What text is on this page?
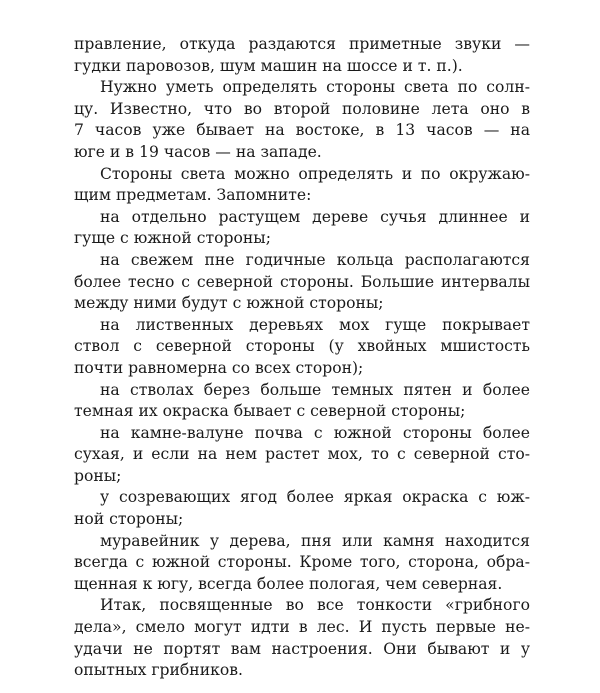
правление, откуда раздаются приметные звуки —
гудки паровозов, шум машин на шоссе и т. п.).
Нужно уметь определять стороны света по солн-
цу. Известно, что во второй половине лета оно в
7 часов уже бывает на востоке, в 13 часов — на
юге и в 19 часов — на западе.
Стороны света можно определять и по окружаю-
щим предметам. Запомните:
на отдельно растущем дереве сучья длиннее и
гуще с южной стороны;
на свежем пне годичные кольца располагаются
более тесно с северной стороны. Большие интервалы
между ними будут с южной стороны;
на лиственных деревьях мох гуще покрывает
ствол с северной стороны (у хвойных мшистость
почти равномерна со всех сторон);
на стволах берез больше темных пятен и более
темная их окраска бывает с северной стороны;
на камне-валуне почва с южной стороны более
сухая, и если на нем растет мох, то с северной сто-
роны;
у созревающих ягод более яркая окраска с юж-
ной стороны;
муравейник у дерева, пня или камня находится
всегда с южной стороны. Кроме того, сторона, обра-
щенная к югу, всегда более пологая, чем северная.
Итак, посвященные во все тонкости «грибного
дела», смело могут идти в лес. И пусть первые не-
удачи не портят вам настроения. Они бывают и у
опытных грибников.
